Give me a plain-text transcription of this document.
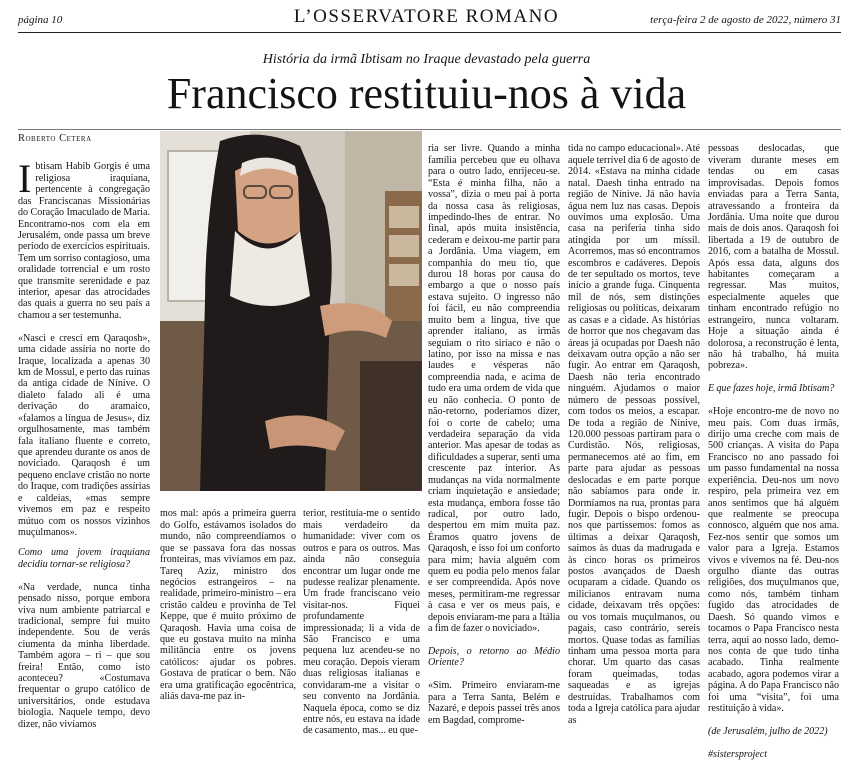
página 10	L’OSSERVATORE ROMANO	terça-feira 2 de agosto de 2022, número 31
História da irmã Ibtisam no Iraque devastado pela guerra
Francisco restituiu-nos à vida
Roberto Cetera

I btisam Habib Gorgis é uma religiosa iraquiana, pertencente à congregação das Franciscanas Missionárias do Coração Imaculado de Maria. Encontramo-nos com ela em Jerusalém, onde passa um breve período de exercícios espirituais. Tem um sorriso contagioso, uma oralidade torrencial e um rosto que transmite serenidade e paz interior, apesar das atrocidades das quais a guerra no seu país a chamou a ser testemunha.

«Nasci e cresci em Qaraqosh», uma cidade assíria no norte do Iraque, localizada a apenas 30 km de Mossul, e perto das ruínas da antiga cidade de Nínive. O dialeto falado ali é uma derivação do aramaico, «falamos a língua de Jesus», diz orgulhosamente, mas também fala italiano fluente e correto, que aprendeu durante os anos de noviciado. Qaraqosh é um pequeno enclave cristão no norte do Iraque, com tradições assírias e caldeias, «mas sempre vivemos em paz e respeito mútuo com os nossos vizinhos muçulmanos».

Como uma jovem iraquiana decidiu tornar-se religiosa?

«Na verdade, nunca tinha pensado nisso, porque embora viva num ambiente patriarcal e tradicional, sempre fui muito independente. Sou de verás ciumenta da minha liberdade. Também agora – ri – que sou freira! Então, como isto aconteceu? «Costumava frequentar o grupo católico de universitários, onde estudava biologia. Naquele tempo, devo dizer, não vivíamos

mos mal: após a primeira guerra do Golfo, estávamos isolados do mundo, não compreendíamos o que se passava fora das nossas fronteiras, mas vivíamos em paz. Tareq Aziz, ministro dos negócios estrangeiros – na realidade, primeiro-ministro – era cristão caldeu e provinha de Tel Keppe, que é muito próximo de Qaraqosh. Havia uma coisa de que eu gostava muito na minha militância entre os jovens católicos: ajudar os pobres. Gostava de praticar o bem. Não era uma gratificação egocêntrica, aliás dava-me paz in-

terior, restituía-me o sentido mais verdadeiro da humanidade: viver com os outros e para os outros. Mas ainda não conseguia encontrar um lugar onde me pudesse realizar plenamente. Um frade franciscano veio visitar-nos. Fiquei profundamente impressionada; li a vida de São Francisco e uma pequena luz acendeu-se no meu coração. Depois vieram duas religiosas italianas e convidaram-me a visitar o seu convento na Jordânia. Naquela época, como se diz entre nós, eu estava na idade de casamento, mas... eu que-

ria ser livre. Quando a minha família percebeu que eu olhava para o outro lado, enrijeceu-se. “Esta é minha filha, não a vossa”, dizia o meu pai à porta da nossa casa às religiosas, impedindo-lhes de entrar. No final, após muita insistência, cederam e deixou-me partir para a Jordânia. Uma viagem, em companhia do meu tio, que durou 18 horas por causa do embargo a que o nosso país estava sujeito. O ingresso não foi fácil, eu não compreendia muito bem a língua, tive que aprender italiano, as irmãs seguiam o rito siríaco e não o latino, por isso na missa e nas laudes e vésperas não compreendia nada, e acima de tudo era uma ordem de vida que eu não conhecia. O ponto de não-retorno, poderíamos dizer, foi o corte de cabelo; uma verdadeira separação da vida anterior. Mas apesar de todas as dificuldades a superar, senti uma crescente paz interior. As mudanças na vida normalmente criam inquietação e ansiedade; esta mudança, embora fosse tão radical, por outro lado, despertou em mim muita paz. Éramos quatro jovens de Qaraqosh, e isso foi um conforto para mim; havia alguém com quem eu podia pelo menos falar e ser compreendida. Após nove meses, permitiram-me regressar à casa e ver os meus pais, e depois enviaram-me para a Itália a fim de fazer o noviciado».

Depois, o retorno ao Médio Oriente?

«Sim. Primeiro enviaram-me para a Terra Santa, Belém e Nazaré, e depois passei três anos em Bagdad, comprome-

tida no campo educacional». Até aquele terrível dia 6 de agosto de 2014. «Estava na minha cidade natal. Daesh tinha entrado na região de Nínive. Já não havia água nem luz nas casas. Depois ouvimos uma explosão. Uma casa na periferia tinha sido atingida por um míssil. Acorremos, mas só encontramos escombros e cadáveres. Depois de ter sepultado os mortos, teve início a grande fuga. Cinquenta mil de nós, sem distinções religiosas ou políticas, deixaram as casas e a cidade. As histórias de horror que nos chegavam das áreas já ocupadas por Daesh não deixavam outra opção a não ser fugir. Ao entrar em Qaraqosh, Daesh não teria encontrado ninguém. Ajudamos o maior número de pessoas possível, com todos os meios, a escapar. De toda a região de Nínive, 120.000 pessoas partiram para o Curdistão. Nós, religiosas, permanecemos até ao fim, em parte para ajudar as pessoas deslocadas e em parte porque não sabíamos para onde ir. Dormíamos na rua, prontas para fugir. Depois o bispo ordenou-nos que partíssemos: fomos as últimas a deixar Qaraqosh, saímos às duas da madrugada e às cinco horas os primeiros postos avançados de Daesh ocuparam a cidade. Quando os milicianos entravam numa cidade, deixavam três opções: ou vos tornais muçulmanos, ou pagais, caso contrário, sereis mortos. Quase todas as famílias tinham uma pessoa morta para chorar. Um quarto das casas foram queimadas, todas saqueadas e as igrejas destruídas. Trabalhamos com toda a Igreja católica para ajudar as

pessoas deslocadas, que viveram durante meses em tendas ou em casas improvisadas. Depois fomos enviadas para a Terra Santa, atravessando a fronteira da Jordânia. Uma noite que durou mais de dois anos. Qaraqosh foi libertada a 19 de outubro de 2016, com a batalha de Mossul. Após essa data, alguns dos habitantes começaram a regressar. Mas muitos, especialmente aqueles que tinham encontrado refúgio no estrangeiro, nunca voltaram. Hoje a situação ainda é dolorosa, a reconstrução é lenta, não há trabalho, há muita pobreza».

E que fazes hoje, irmã Ibtisam?

«Hoje encontro-me de novo no meu país. Com duas irmãs, dirijo uma creche com mais de 500 crianças. A visita do Papa Francisco no ano passado foi um passo fundamental na nossa experiência. Deu-nos um novo respiro, pela primeira vez em anos sentimos que há alguém que realmente se preocupa connosco, alguém que nos ama. Fez-nos sentir que somos um valor para a Igreja. Estamos vivos e vivemos na fé. Deu-nos orgulho diante das outras religiões, dos muçulmanos que, como nós, também tinham fugido das atrocidades de Daesh. Só quando vimos e tocamos o Papa Francisco nesta terra, aqui ao nosso lado, demo-nos conta de que tudo tinha acabado. Tinha realmente acabado, agora podemos virar a página. A do Papa Francisco não foi uma “visita”, foi uma restituição à vida».

(de Jerusalém, julho de 2022)

#sistersproject
